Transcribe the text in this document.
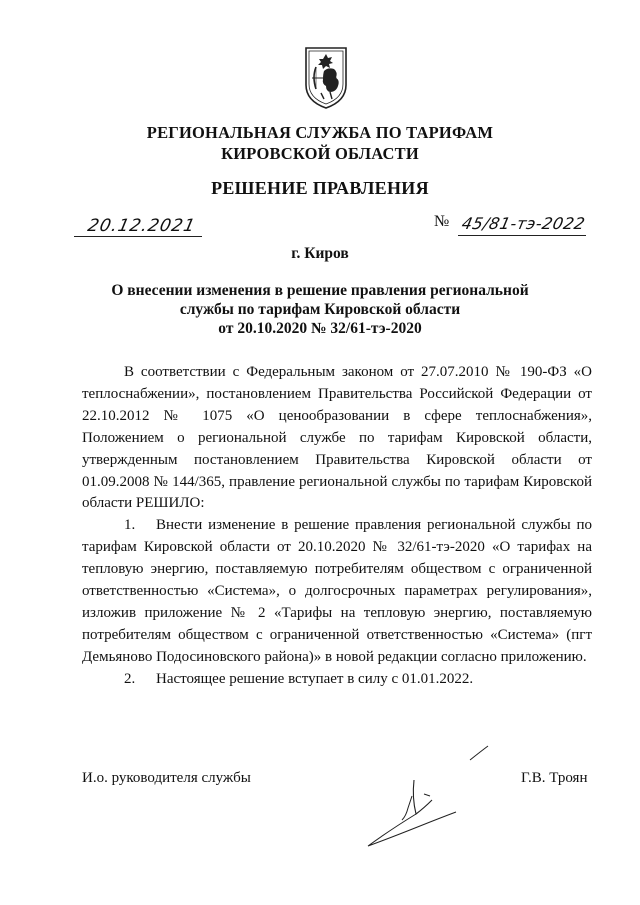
РЕГИОНАЛЬНАЯ СЛУЖБА ПО ТАРИФАМ
КИРОВСКОЙ ОБЛАСТИ
РЕШЕНИЕ ПРАВЛЕНИЯ
20.12.2021	№ 45/81-тэ-2022
г. Киров
О внесении изменения в решение правления региональной
службы по тарифам Кировской области
от 20.10.2020 № 32/61-тэ-2020

В соответствии с Федеральным законом от 27.07.2010 № 190-ФЗ «О теплоснабжении», постановлением Правительства Российской Федерации от 22.10.2012 № 1075 «О ценообразовании в сфере теплоснабжения», Положением о региональной службе по тарифам Кировской области, утвержденным постановлением Правительства Кировской области от 01.09.2008 № 144/365, правление региональной службы по тарифам Кировской области РЕШИЛО:

1. Внести изменение в решение правления региональной службы по тарифам Кировской области от 20.10.2020 № 32/61-тэ-2020 «О тарифах на тепловую энергию, поставляемую потребителям обществом с ограниченной ответственностью «Система», о долгосрочных параметрах регулирования», изложив приложение № 2 «Тарифы на тепловую энергию, поставляемую потребителям обществом с ограниченной ответственностью «Система» (пгт Демьяново Подосиновского района)» в новой редакции согласно приложению.

2. Настоящее решение вступает в силу с 01.01.2022.

И.о. руководителя службы	Г.В. Троян
